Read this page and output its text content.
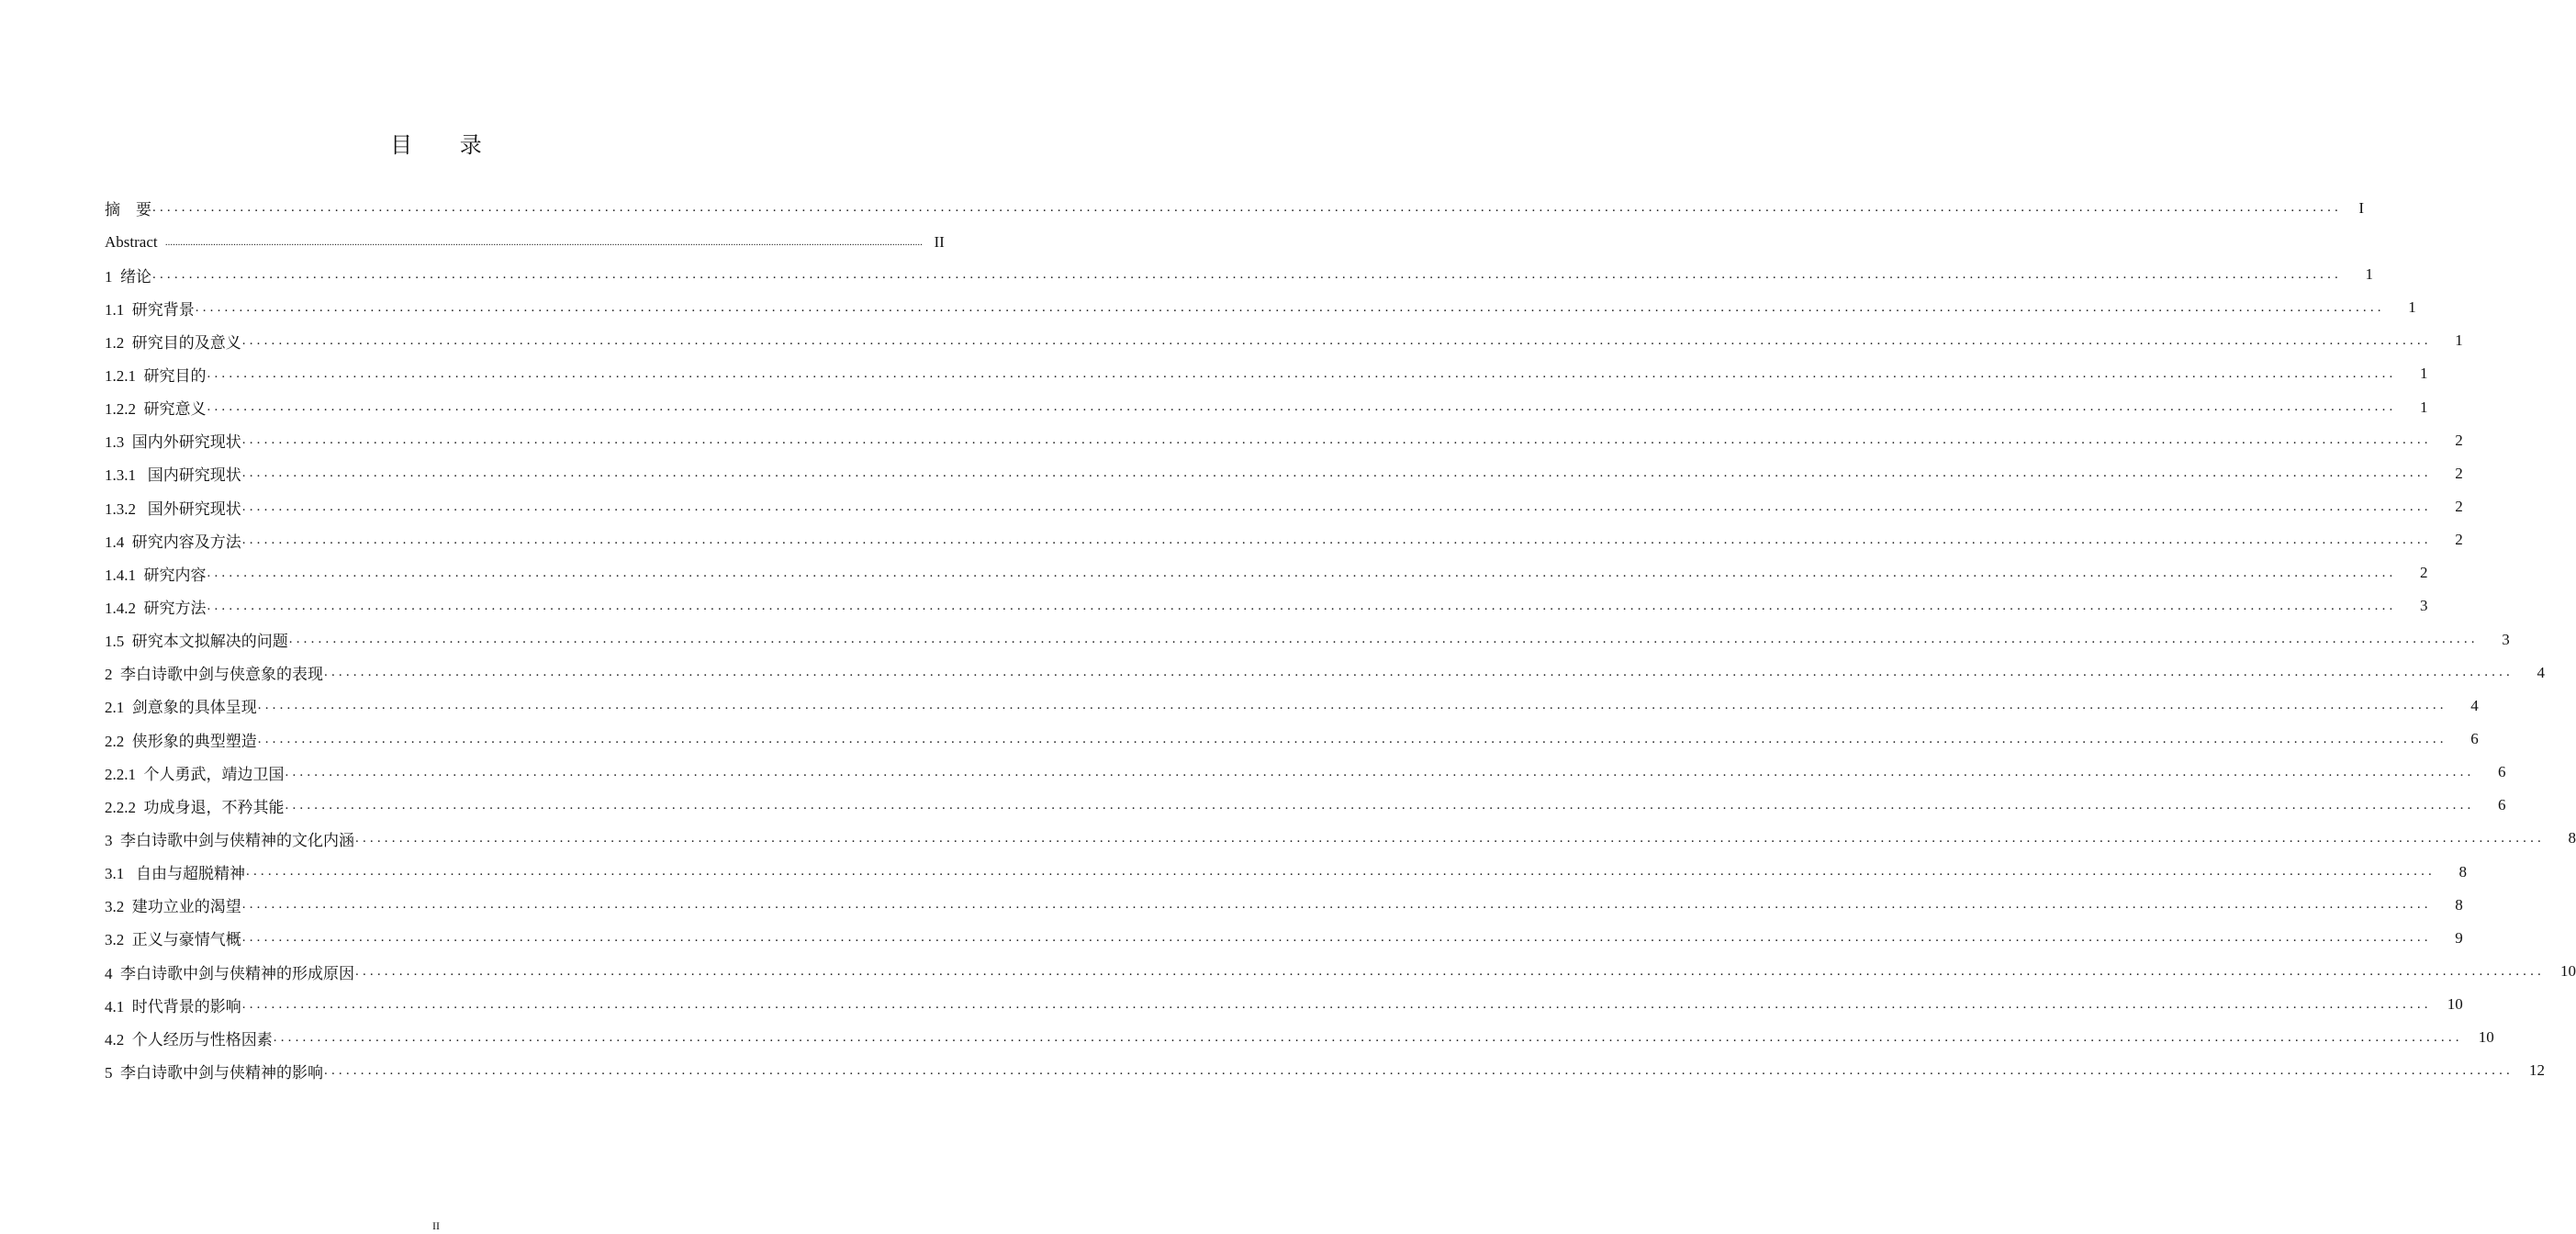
目 录
摘　要 ............................................................................................................................................................................................................................................................................................................	I
Abstract ............................................................................................................................................................................................................................................................................................................ II
1  绪论 ............................................................................................................................................................................................................................................................................................................	1
1.1  研究背景 ............................................................................................................................................................................................................................................................................................................	1
1.2  研究目的及意义 ............................................................................................................................................................................................................................................................................................................	1
1.2.1  研究目的 ............................................................................................................................................................................................................................................................................................................	1
1.2.2  研究意义 ............................................................................................................................................................................................................................................................................................................	1
1.3  国内外研究现状 ............................................................................................................................................................................................................................................................................................................	2
1.3.1   国内研究现状 ............................................................................................................................................................................................................................................................................................................	2
1.3.2   国外研究现状 ............................................................................................................................................................................................................................................................................................................	2
1.4  研究内容及方法 ............................................................................................................................................................................................................................................................................................................	2
1.4.1  研究内容 ............................................................................................................................................................................................................................................................................................................	2
1.4.2  研究方法 ............................................................................................................................................................................................................................................................................................................	3
1.5  研究本文拟解决的问题 ............................................................................................................................................................................................................................................................................................................	3
2  李白诗歌中剑与侠意象的表现 ............................................................................................................................................................................................................................................................................................................	4
2.1  剑意象的具体呈现 ............................................................................................................................................................................................................................................................................................................	4
2.2  侠形象的典型塑造 ............................................................................................................................................................................................................................................................................................................	6
2.2.1  个人勇武，靖边卫国 ............................................................................................................................................................................................................................................................................................................	6
2.2.2  功成身退，不矜其能 ............................................................................................................................................................................................................................................................................................................	6
3  李白诗歌中剑与侠精神的文化内涵 ............................................................................................................................................................................................................................................................................................................	8
3.1   自由与超脱精神 ............................................................................................................................................................................................................................................................................................................	8
3.2  建功立业的渴望 ............................................................................................................................................................................................................................................................................................................	8
3.2  正义与豪情气概 ............................................................................................................................................................................................................................................................................................................	9
4  李白诗歌中剑与侠精神的形成原因 ............................................................................................................................................................................................................................................................................................................	10
4.1  时代背景的影响 ............................................................................................................................................................................................................................................................................................................	10
4.2  个人经历与性格因素 ............................................................................................................................................................................................................................................................................................................	10
5  李白诗歌中剑与侠精神的影响 ............................................................................................................................................................................................................................................................................................................	12
II
